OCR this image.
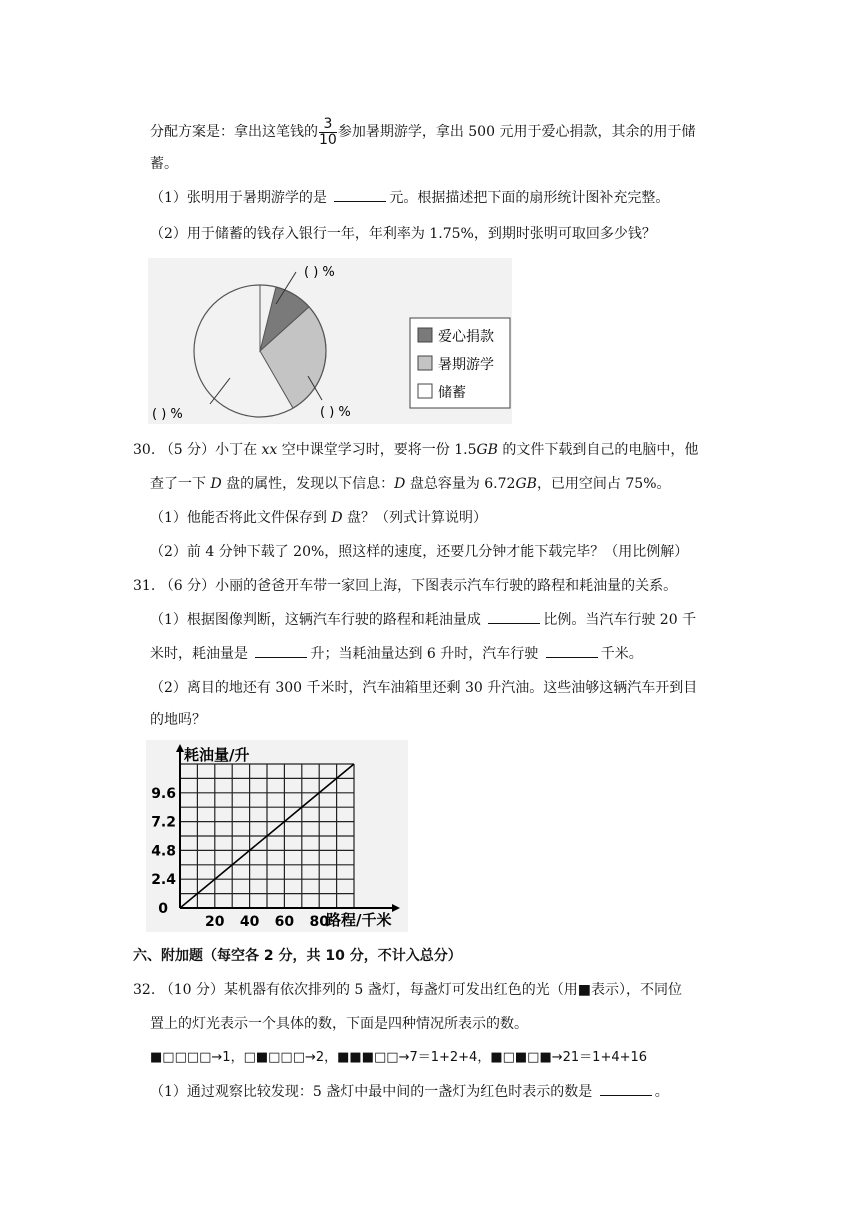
分配方案是：拿出这笔钱的 $\frac{3}{10}$ 参加暑期游学，拿出 500 元用于爱心捐款，其余的用于储
蓄。
（1）张明用于暑期游学的是	元。根据描述把下面的扇形统计图补充完整。
（2）用于储蓄的钱存入银行一年，年利率为 1.75%，到期时张明可取回多少钱？
( ) %
( ) %
( ) %
爱心捐款
暑期游学
储蓄
30. （5 分）小丁在 xx 空中课堂学习时，要将一份 1.5GB 的文件下载到自己的电脑中，他
查了一下 D 盘的属性，发现以下信息：D 盘总容量为 6.72GB，已用空间占 75%。
（1）他能否将此文件保存到 D 盘？（列式计算说明）
（2）前 4 分钟下载了 20%，照这样的速度，还要几分钟才能下载完毕？（用比例解）
31. （6 分）小丽的爸爸开车带一家回上海，下图表示汽车行驶的路程和耗油量的关系。
（1）根据图像判断，这辆汽车行驶的路程和耗油量成	比例。当汽车行驶 20 千
米时，耗油量是	升；当耗油量达到 6 升时，汽车行驶	千米。
（2）离目的地还有 300 千米时，汽车油箱里还剩 30 升汽油。这些油够这辆汽车开到目
的地吗？
0
2.4
4.8
7.2
9.6
20 40 60 80
耗油量/升
路程/千米
六、附加题（每空各 2 分，共 10 分，不计入总分）
32. （10 分）某机器有依次排列的 5 盏灯，每盏灯可发出红色的光（用■表示），不同位
置上的灯光表示一个具体的数，下面是四种情况所表示的数。
■□□□□→1，□■□□□→2，■■■□□→7＝1+2+4，■□■□■→21＝1+4+16
（1）通过观察比较发现：5 盏灯中最中间的一盏灯为红色时表示的数是	。
